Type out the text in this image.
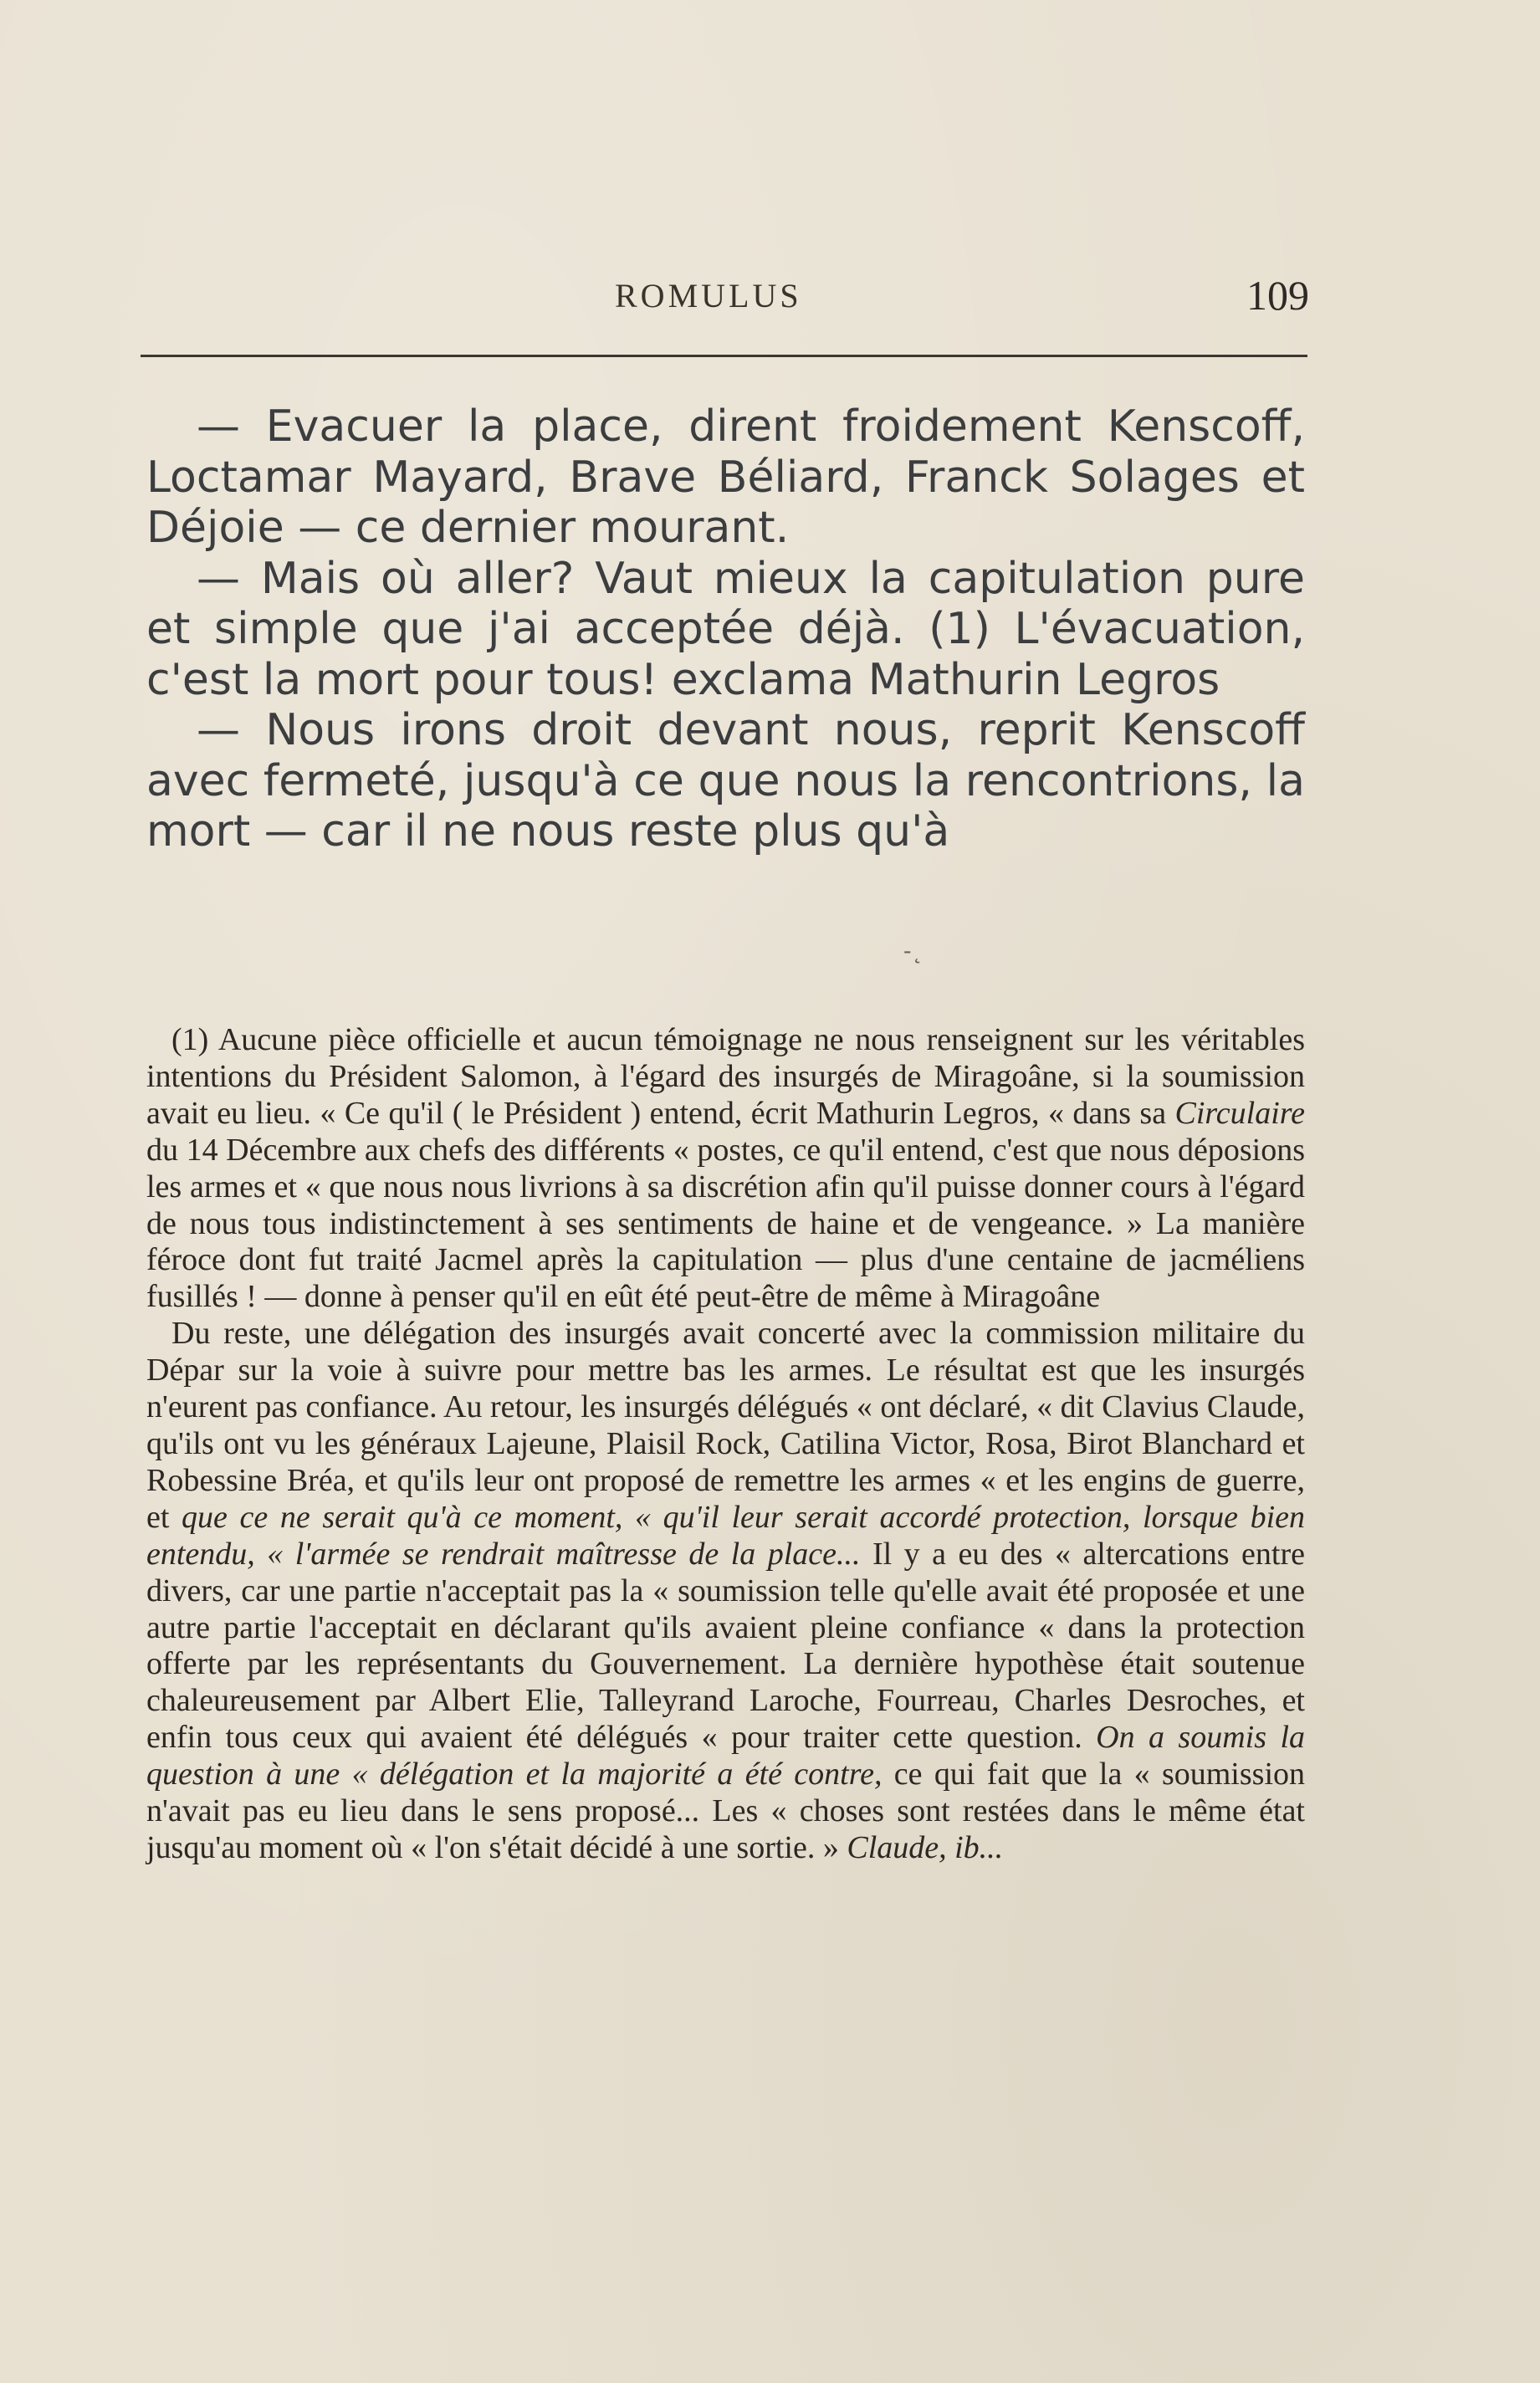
ROMULUS	109

— Evacuer la place, dirent froidement Kenscoff, Loctamar Mayard, Brave Béliard, Franck Solages et Déjoie — ce dernier mourant.

— Mais où aller? Vaut mieux la capitulation pure et simple que j'ai acceptée déjà. (1) L'évacuation, c'est la mort pour tous! exclama Mathurin Legros

— Nous irons droit devant nous, reprit Kenscoff avec fermeté, jusqu'à ce que nous la rencontrions, la mort — car il ne nous reste plus qu'à

-˛

(1) Aucune pièce officielle et aucun témoignage ne nous renseignent sur les véritables intentions du Président Salomon, à l'égard des insurgés de Miragoâne, si la soumission avait eu lieu. « Ce qu'il ( le Président ) entend, écrit Mathurin Legros, « dans sa Circulaire du 14 Décembre aux chefs des différents « postes, ce qu'il entend, c'est que nous déposions les armes et « que nous nous livrions à sa discrétion afin qu'il puisse donner cours à l'égard de nous tous indistinctement à ses sentiments de haine et de vengeance. » La manière féroce dont fut traité Jacmel après la capitulation — plus d'une centaine de jacméliens fusillés ! — donne à penser qu'il en eût été peut-être de même à Miragoâne

Du reste, une délégation des insurgés avait concerté avec la commission militaire du Dépar sur la voie à suivre pour mettre bas les armes. Le résultat est que les insurgés n'eurent pas confiance. Au retour, les insurgés délégués « ont déclaré, « dit Clavius Claude, qu'ils ont vu les généraux Lajeune, Plaisil Rock, Catilina Victor, Rosa, Birot Blanchard et Robessine Bréa, et qu'ils leur ont proposé de remettre les armes « et les engins de guerre, et que ce ne serait qu'à ce moment, « qu'il leur serait accordé protection, lorsque bien entendu, « l'armée se rendrait maîtresse de la place... Il y a eu des « altercations entre divers, car une partie n'acceptait pas la « soumission telle qu'elle avait été proposée et une autre partie l'acceptait en déclarant qu'ils avaient pleine confiance « dans la protection offerte par les représentants du Gouvernement. La dernière hypothèse était soutenue chaleureusement par Albert Elie, Talleyrand Laroche, Fourreau, Charles Desroches, et enfin tous ceux qui avaient été délégués « pour traiter cette question. On a soumis la question à une « délégation et la majorité a été contre, ce qui fait que la « soumission n'avait pas eu lieu dans le sens proposé... Les « choses sont restées dans le même état jusqu'au moment où « l'on s'était décidé à une sortie. » Claude, ib...
